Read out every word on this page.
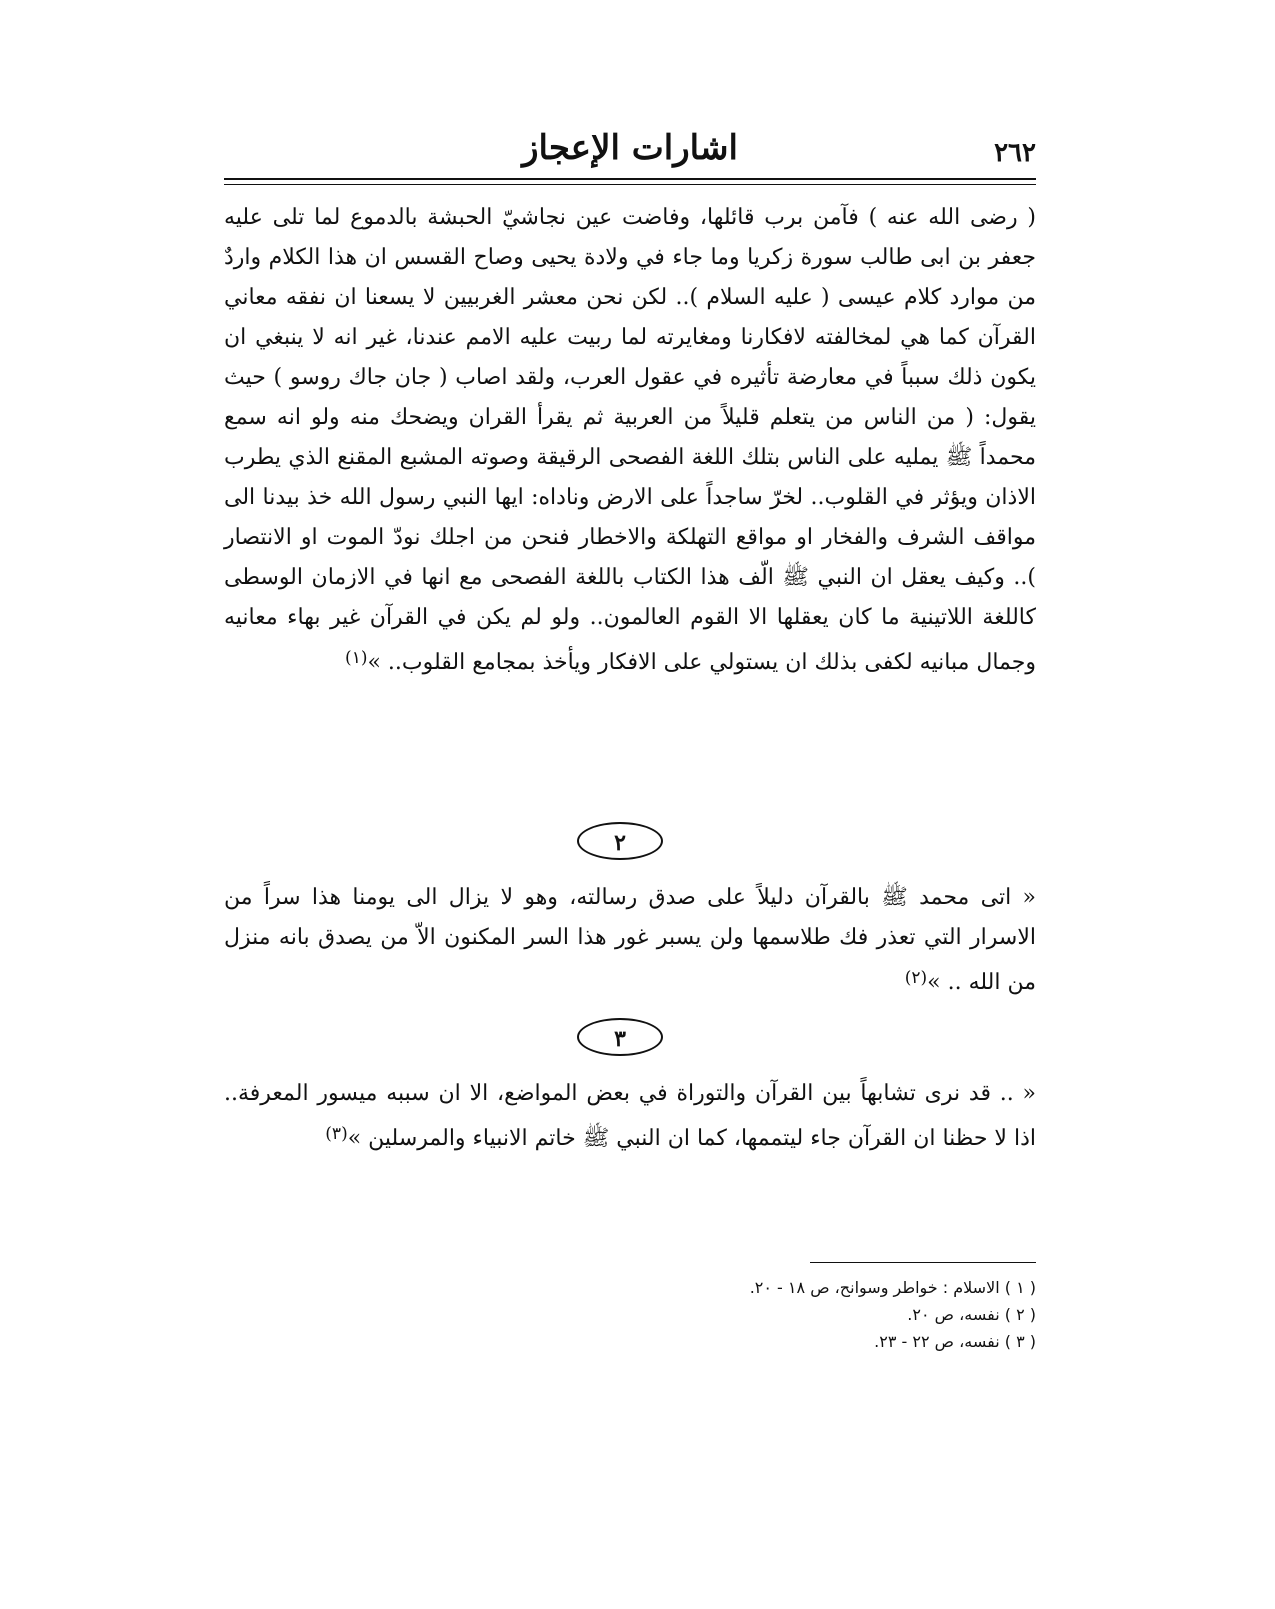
٢٦٢
اشارات الإعجاز

( رضى الله عنه ) فآمن برب قائلها، وفاضت عين نجاشيّ الحبشة بالدموع لما تلى عليه جعفر بن ابى طالب سورة زكريا وما جاء في ولادة يحيى وصاح القسس ان هذا الكلام واردٌ من موارد كلام عيسى ( عليه السلام ).. لكن نحن معشر الغربيين لا يسعنا ان نفقه معاني القرآن كما هي لمخالفته لافكارنا ومغايرته لما ربيت عليه الامم عندنا، غير انه لا ينبغي ان يكون ذلك سبباً في معارضة تأثيره في عقول العرب، ولقد اصاب ( جان جاك روسو ) حيث يقول: ( من الناس من يتعلم قليلاً من العربية ثم يقرأ القران ويضحك منه ولو انه سمع محمداً ﷺ يمليه على الناس بتلك اللغة الفصحى الرقيقة وصوته المشبع المقنع الذي يطرب الاذان ويؤثر في القلوب.. لخرّ ساجداً على الارض وناداه: ايها النبي رسول الله خذ بيدنا الى مواقف الشرف والفخار او مواقع التهلكة والاخطار فنحن من اجلك نودّ الموت او الانتصار ).. وكيف يعقل ان النبي ﷺ الّف هذا الكتاب باللغة الفصحى مع انها في الازمان الوسطى كاللغة اللاتينية ما كان يعقلها الا القوم العالمون.. ولو لم يكن في القرآن غير بهاء معانيه وجمال مبانيه لكفى بذلك ان يستولي على الافكار ويأخذ بمجامع القلوب.. »$^{(١)}$

٢

« اتى محمد ﷺ بالقرآن دليلاً على صدق رسالته، وهو لا يزال الى يومنا هذا سراً من الاسرار التي تعذر فك طلاسمها ولن يسبر غور هذا السر المكنون الاّ من يصدق بانه منزل من الله .. »$^{(٢)}$

٣

« .. قد نرى تشابهاً بين القرآن والتوراة في بعض المواضع، الا ان سببه ميسور المعرفة.. اذا لا حظنا ان القرآن جاء ليتممها، كما ان النبي ﷺ خاتم الانبياء والمرسلين »$^{(٣)}$

( ١ ) الاسلام : خواطر وسوانح، ص ١٨ - ٢٠.
( ٢ ) نفسه، ص ٢٠.
( ٣ ) نفسه، ص ٢٢ - ٢٣.
